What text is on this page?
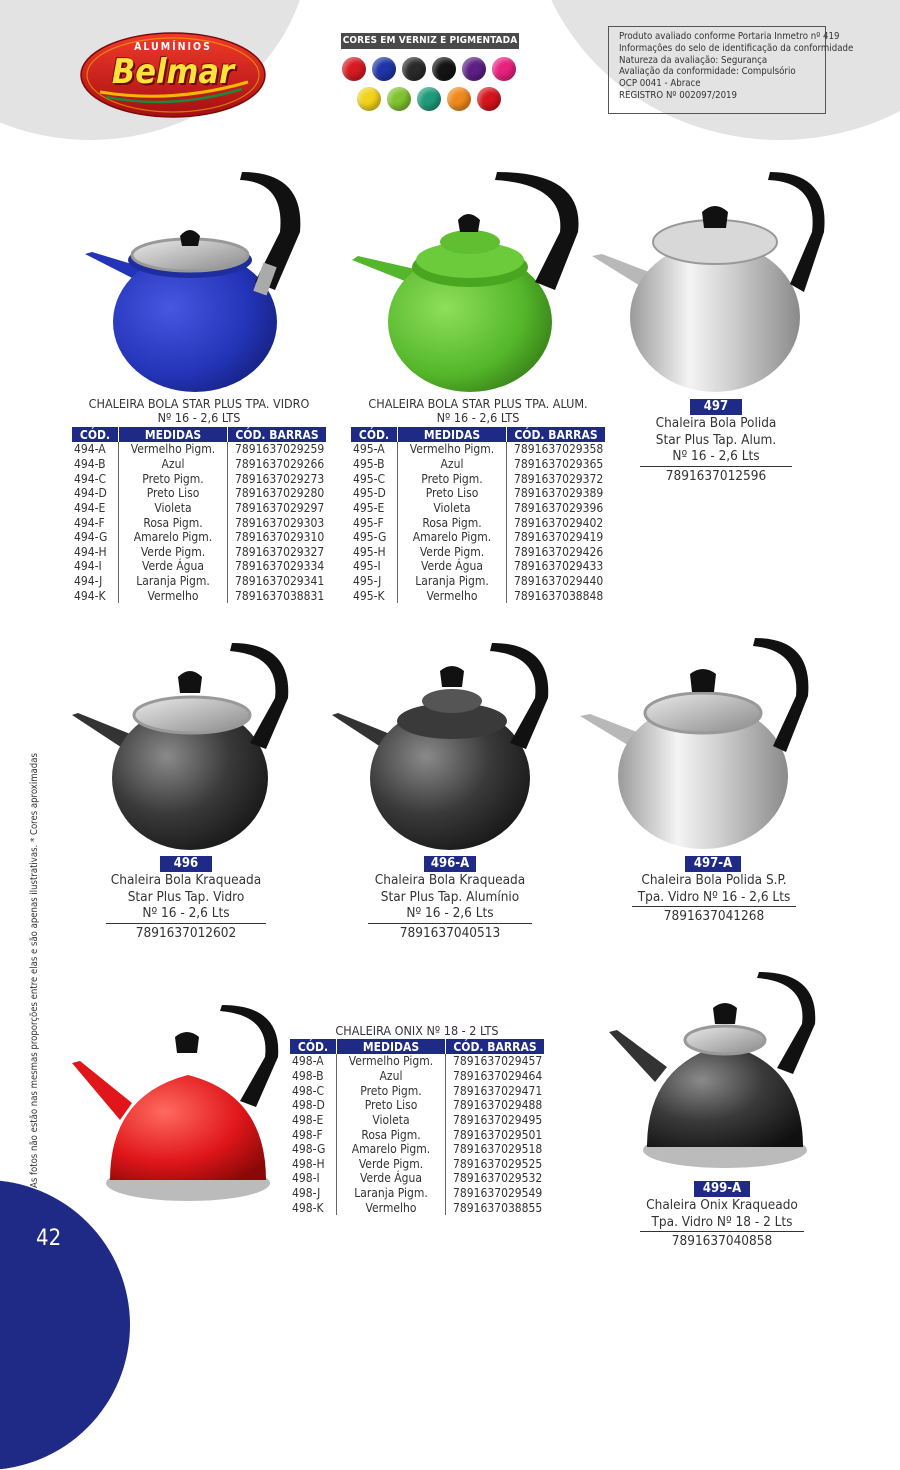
ALUMÍNIOS
Belmar
CORES EM VERNIZ E PIGMENTADA	Produto avaliado conforme Portaria Inmetro nº 419
Informações do selo de identificação da conformidade
Natureza da avaliação: Segurança
Avaliação da conformidade: Compulsório
OCP 0041 - Abrace
REGISTRO Nº 002097/2019
CHALEIRA BOLA STAR PLUS TPA. VIDRO
Nº 16 - 2,6 LTS
CÓD.	MEDIDAS	CÓD. BARRAS
494-A	Vermelho Pigm.	7891637029259
494-B	Azul	7891637029266
494-C	Preto Pigm.	7891637029273
494-D	Preto Liso	7891637029280
494-E	Violeta	7891637029297
494-F	Rosa Pigm.	7891637029303
494-G	Amarelo Pigm.	7891637029310
494-H	Verde Pigm.	7891637029327
494-I	Verde Água	7891637029334
494-J	Laranja Pigm.	7891637029341
494-K	Vermelho	7891637038831
CHALEIRA BOLA STAR PLUS TPA. ALUM.
Nº 16 - 2,6 LTS
CÓD.	MEDIDAS	CÓD. BARRAS
495-A	Vermelho Pigm.	7891637029358
495-B	Azul	7891637029365
495-C	Preto Pigm.	7891637029372
495-D	Preto Liso	7891637029389
495-E	Violeta	7891637029396
495-F	Rosa Pigm.	7891637029402
495-G	Amarelo Pigm.	7891637029419
495-H	Verde Pigm.	7891637029426
495-I	Verde Água	7891637029433
495-J	Laranja Pigm.	7891637029440
495-K	Vermelho	7891637038848
497
Chaleira Bola Polida
Star Plus Tap. Alum.
Nº 16 - 2,6 Lts
7891637012596
496
Chaleira Bola Kraqueada
Star Plus Tap. Vidro
Nº 16 - 2,6 Lts
7891637012602
496-A
Chaleira Bola Kraqueada
Star Plus Tap. Alumínio
Nº 16 - 2,6 Lts
7891637040513
497-A
Chaleira Bola Polida S.P.
Tpa. Vidro Nº 16 - 2,6 Lts
7891637041268
CHALEIRA ONIX Nº 18 - 2 LTS
CÓD.	MEDIDAS	CÓD. BARRAS
498-A	Vermelho Pigm.	7891637029457
498-B	Azul	7891637029464
498-C	Preto Pigm.	7891637029471
498-D	Preto Liso	7891637029488
498-E	Violeta	7891637029495
498-F	Rosa Pigm.	7891637029501
498-G	Amarelo Pigm.	7891637029518
498-H	Verde Pigm.	7891637029525
498-I	Verde Água	7891637029532
498-J	Laranja Pigm.	7891637029549
498-K	Vermelho	7891637038855
499-A
Chaleira Onix Kraqueado
Tpa. Vidro Nº 18 - 2 Lts
7891637040858
* As fotos não estão nas mesmas proporções entre elas e são apenas ilustrativas. * Cores aproximadas
42
